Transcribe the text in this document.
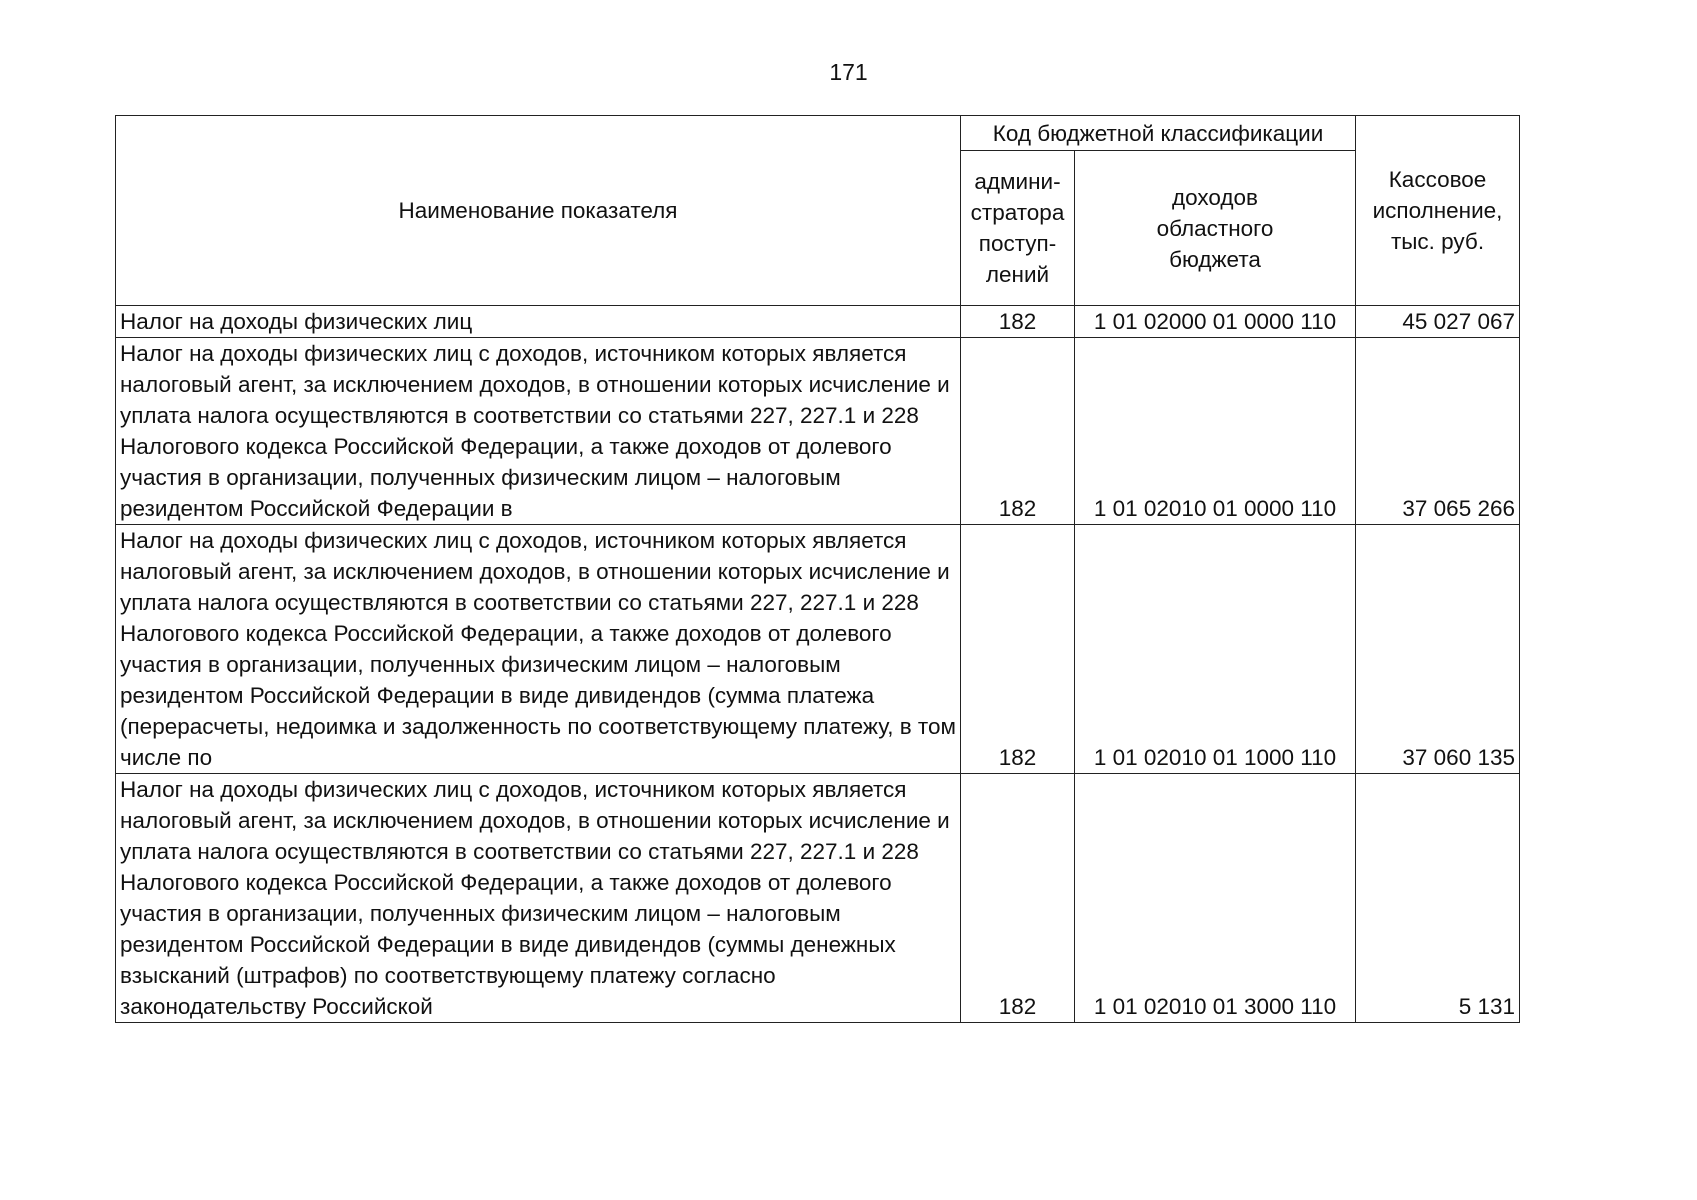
171
Наименование показателя	Код бюджетной классификации		Кассовое
исполнение,
тыс. руб.
	админи-
стратора
поступ-
лений	доходов
областного
бюджета	

Налог на доходы физических лиц	182	1 01 02000 01 0000 110	45 027 067

Налог на доходы физических лиц с доходов, источником которых является налоговый агент, за исключением доходов, в отношении которых исчисление и уплата налога осуществляются в соответствии со статьями 227, 227.1 и 228 Налогового кодекса Российской Федерации, а также доходов от долевого участия в организации, полученных физическим лицом – налоговым резидентом Российской Федерации в	182	1 01 02010 01 0000 110	37 065 266

Налог на доходы физических лиц с доходов, источником которых является налоговый агент, за исключением доходов, в отношении которых исчисление и уплата налога осуществляются в соответствии со статьями 227, 227.1 и 228 Налогового кодекса Российской Федерации, а также доходов от долевого участия в организации, полученных физическим лицом – налоговым резидентом Российской Федерации в виде дивидендов (сумма платежа (перерасчеты, недоимка и задолженность по соответствующему платежу, в том числе по	182	1 01 02010 01 1000 110	37 060 135

Налог на доходы физических лиц с доходов, источником которых является налоговый агент, за исключением доходов, в отношении которых исчисление и уплата налога осуществляются в соответствии со статьями 227, 227.1 и 228 Налогового кодекса Российской Федерации, а также доходов от долевого участия в организации, полученных физическим лицом – налоговым резидентом Российской Федерации в виде дивидендов (суммы денежных взысканий (штрафов) по соответствующему платежу согласно законодательству Российской	182	1 01 02010 01 3000 110	5 131
